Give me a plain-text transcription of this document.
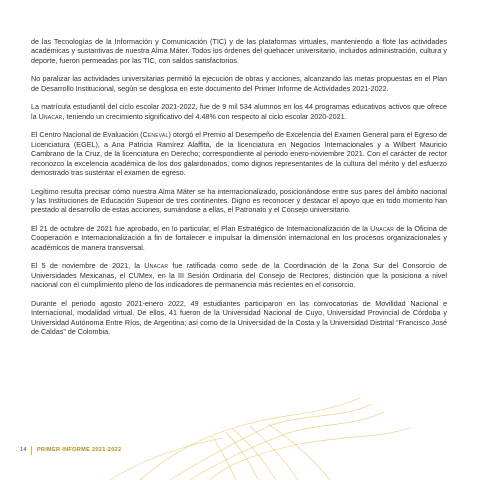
de las Tecnologías de la Información y Comunicación (TIC) y de las plataformas virtuales, manteniendo a flote las actividades académicas y sustantivas de nuestra Alma Máter. Todos los órdenes del quehacer universitario, incluidos administración, cultura y deporte, fueron permeadas por las TIC, con saldos satisfactorios.

No paralizar las actividades universitarias permitió la ejecución de obras y acciones, alcanzando las metas propuestas en el Plan de Desarrollo Institucional, según se desglosa en este documento del Primer Informe de Actividades 2021-2022.

La matrícula estudiantil del ciclo escolar 2021-2022, fue de 9 mil 534 alumnos en los 44 programas educativos activos que ofrece la Unacar, teniendo un crecimiento significativo del 4.48% con respecto al ciclo escolar 2020-2021.

El Centro Nacional de Evaluación (Ceneval) otorgó el Premio al Desempeño de Excelencia del Examen General para el Egreso de Licenciatura (EGEL), a Ana Patricia Ramírez Alaffita, de la licenciatura en Negocios Internacionales y a Wilbert Mauricio Cambrano de la Cruz, de la licenciatura en Derecho; correspondiente al periodo enero-noviembre 2021. Con el carácter de rector reconozco la excelencia académica de los dos galardonados, como dignos representantes de la cultura del mérito y del esfuerzo demostrado tras sustentar el examen de egreso.

Legítimo resulta precisar cómo nuestra Alma Máter se ha internacionalizado, posicionándose entre sus pares del ámbito nacional y las Instituciones de Educación Superior de tres continentes. Digno es reconocer y destacar el apoyo que en todo momento han prestado al desarrollo de estas acciones, sumándose a ellas, el Patronato y el Consejo universitario.

El 21 de octubre de 2021 fue aprobado, en lo particular, el Plan Estratégico de Internacionalización de la Unacar de la Oficina de Cooperación e Internacionalización a fin de fortalecer e impulsar la dimensión internacional en los procesos organizacionales y académicos de manera transversal.

El 5 de noviembre de 2021, la Unacar fue ratificada como sede de la Coordinación de la Zona Sur del Consorcio de Universidades Mexicanas, el CUMex, en la III Sesión Ordinaria del Consejo de Rectores, distinción que la posiciona a nivel nacional con el cumplimiento pleno de los indicadores de permanencia más recientes en el consorcio.

Durante el periodo agosto 2021-enero 2022, 49 estudiantes participaron en las convocatorias de Movilidad Nacional e Internacional, modalidad virtual. De ellos, 41 fueron de la Universidad Nacional de Cuyo, Universidad Provincial de Córdoba y Universidad Autónoma Entre Ríos, de Argentina; así como de la Universidad de la Costa y la Universidad Distrital “Francisco José de Caldas” de Colombia.

14 PRIMER INFORME 2021-2022
